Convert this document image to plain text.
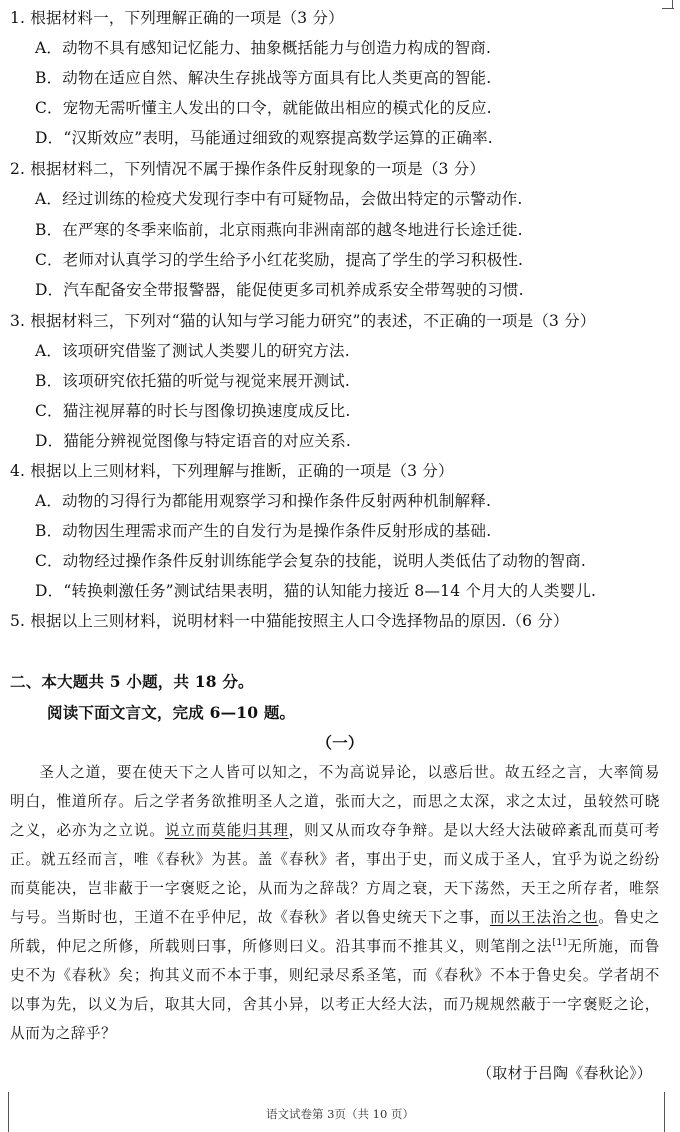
1. 根据材料一，下列理解正确的一项是（3 分）
A．动物不具有感知记忆能力、抽象概括能力与创造力构成的智商.
B．动物在适应自然、解决生存挑战等方面具有比人类更高的智能.
C．宠物无需听懂主人发出的口令，就能做出相应的模式化的反应.
D．“汉斯效应”表明，马能通过细致的观察提高数学运算的正确率.
2. 根据材料二，下列情况不属于操作条件反射现象的一项是（3 分）
A．经过训练的检疫犬发现行李中有可疑物品，会做出特定的示警动作.
B．在严寒的冬季来临前，北京雨燕向非洲南部的越冬地进行长途迁徙.
C．老师对认真学习的学生给予小红花奖励，提高了学生的学习积极性.
D．汽车配备安全带报警器，能促使更多司机养成系安全带驾驶的习惯.
3. 根据材料三，下列对“猫的认知与学习能力研究”的表述，不正确的一项是（3 分）
A．该项研究借鉴了测试人类婴儿的研究方法.
B．该项研究依托猫的听觉与视觉来展开测试.
C．猫注视屏幕的时长与图像切换速度成反比.
D．猫能分辨视觉图像与特定语音的对应关系.
4. 根据以上三则材料，下列理解与推断，正确的一项是（3 分）
A．动物的习得行为都能用观察学习和操作条件反射两种机制解释.
B．动物因生理需求而产生的自发行为是操作条件反射形成的基础.
C．动物经过操作条件反射训练能学会复杂的技能，说明人类低估了动物的智商.
D．“转换刺激任务”测试结果表明，猫的认知能力接近 8—14 个月大的人类婴儿.
5. 根据以上三则材料，说明材料一中猫能按照主人口令选择物品的原因.（6 分）
二、本大题共 5 小题，共 18 分。
阅读下面文言文，完成 6—10 题。
（一）
圣人之道，要在使天下之人皆可以知之，不为高说异论，以惑后世。故五经之言，大率简易明白，惟道所存。后之学者务欲推明圣人之道，张而大之，而思之太深，求之太过，虽较然可晓之义，必亦为之立说。说立而莫能归其理，则又从而攻夺争辩。是以大经大法破碎紊乱而莫可考正。就五经而言，唯《春秋》为甚。盖《春秋》者，事出于史，而义成于圣人，宜乎为说之纷纷而莫能决，岂非蔽于一字褒贬之论，从而为之辞哉？方周之衰，天下荡然，天王之所存者，唯祭与号。当斯时也，王道不在乎仲尼，故《春秋》者以鲁史统天下之事，而以王法治之也。鲁史之所载，仲尼之所修，所载则曰事，所修则曰义。沿其事而不推其义，则笔削之法[1]无所施，而鲁史不为《春秋》矣；拘其义而不本于事，则纪录尽系圣笔，而《春秋》不本于鲁史矣。学者胡不以事为先，以义为后，取其大同，舍其小异，以考正大经大法，而乃规规然蔽于一字褒贬之论，从而为之辞乎？
（取材于吕陶《春秋论》）
语文试卷第 3页（共 10 页）
